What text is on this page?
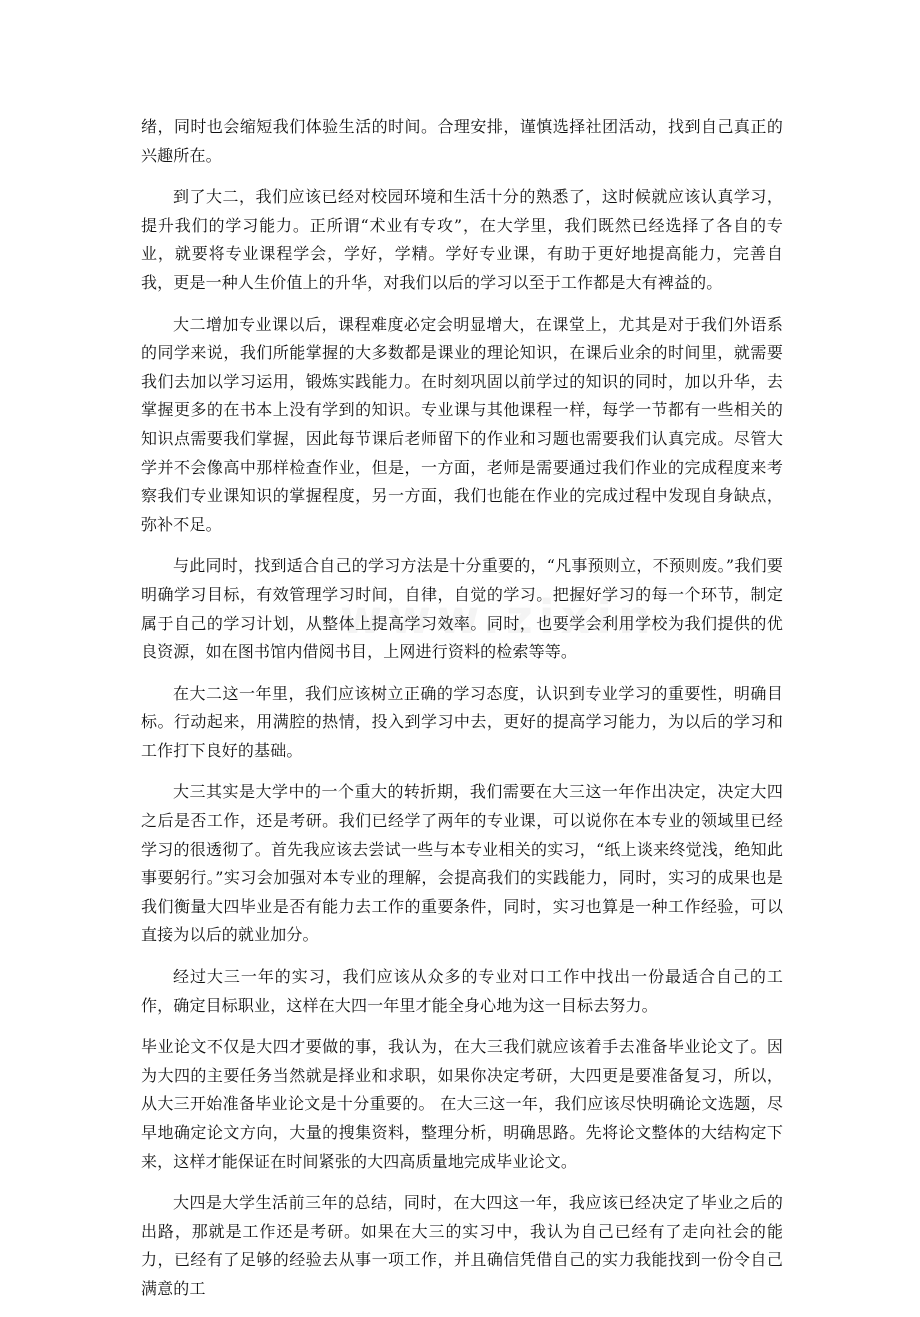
绪，同时也会缩短我们体验生活的时间。合理安排，谨慎选择社团活动，找到自己真正的兴趣所在。

到了大二，我们应该已经对校园环境和生活十分的熟悉了，这时候就应该认真学习，提升我们的学习能力。正所谓“术业有专攻”，在大学里，我们既然已经选择了各自的专业，就要将专业课程学会，学好，学精。学好专业课，有助于更好地提高能力，完善自我，更是一种人生价值上的升华，对我们以后的学习以至于工作都是大有裨益的。

大二增加专业课以后，课程难度必定会明显增大，在课堂上，尤其是对于我们外语系的同学来说，我们所能掌握的大多数都是课业的理论知识，在课后业余的时间里，就需要我们去加以学习运用，锻炼实践能力。在时刻巩固以前学过的知识的同时，加以升华，去掌握更多的在书本上没有学到的知识。专业课与其他课程一样，每学一节都有一些相关的知识点需要我们掌握，因此每节课后老师留下的作业和习题也需要我们认真完成。尽管大学并不会像高中那样检查作业，但是，一方面，老师是需要通过我们作业的完成程度来考察我们专业课知识的掌握程度，另一方面，我们也能在作业的完成过程中发现自身缺点，弥补不足。

与此同时，找到适合自己的学习方法是十分重要的，“凡事预则立，不预则废。”我们要明确学习目标，有效管理学习时间，自律，自觉的学习。把握好学习的每一个环节，制定属于自己的学习计划，从整体上提高学习效率。同时，也要学会利用学校为我们提供的优良资源，如在图书馆内借阅书目，上网进行资料的检索等等。

在大二这一年里，我们应该树立正确的学习态度，认识到专业学习的重要性，明确目标。行动起来，用满腔的热情，投入到学习中去，更好的提高学习能力，为以后的学习和工作打下良好的基础。

大三其实是大学中的一个重大的转折期，我们需要在大三这一年作出决定，决定大四之后是否工作，还是考研。我们已经学了两年的专业课，可以说你在本专业的领域里已经学习的很透彻了。首先我应该去尝试一些与本专业相关的实习，“纸上谈来终觉浅，绝知此事要躬行。”实习会加强对本专业的理解，会提高我们的实践能力，同时，实习的成果也是我们衡量大四毕业是否有能力去工作的重要条件，同时，实习也算是一种工作经验，可以直接为以后的就业加分。

经过大三一年的实习，我们应该从众多的专业对口工作中找出一份最适合自己的工作，确定目标职业，这样在大四一年里才能全身心地为这一目标去努力。

毕业论文不仅是大四才要做的事，我认为，在大三我们就应该着手去准备毕业论文了。因为大四的主要任务当然就是择业和求职，如果你决定考研，大四更是要准备复习，所以，从大三开始准备毕业论文是十分重要的。 在大三这一年，我们应该尽快明确论文选题，尽早地确定论文方向，大量的搜集资料，整理分析，明确思路。先将论文整体的大结构定下来，这样才能保证在时间紧张的大四高质量地完成毕业论文。

大四是大学生活前三年的总结，同时，在大四这一年，我应该已经决定了毕业之后的出路，那就是工作还是考研。如果在大三的实习中，我认为自己已经有了走向社会的能力，已经有了足够的经验去从事一项工作，并且确信凭借自己的实力我能找到一份令自己满意的工
